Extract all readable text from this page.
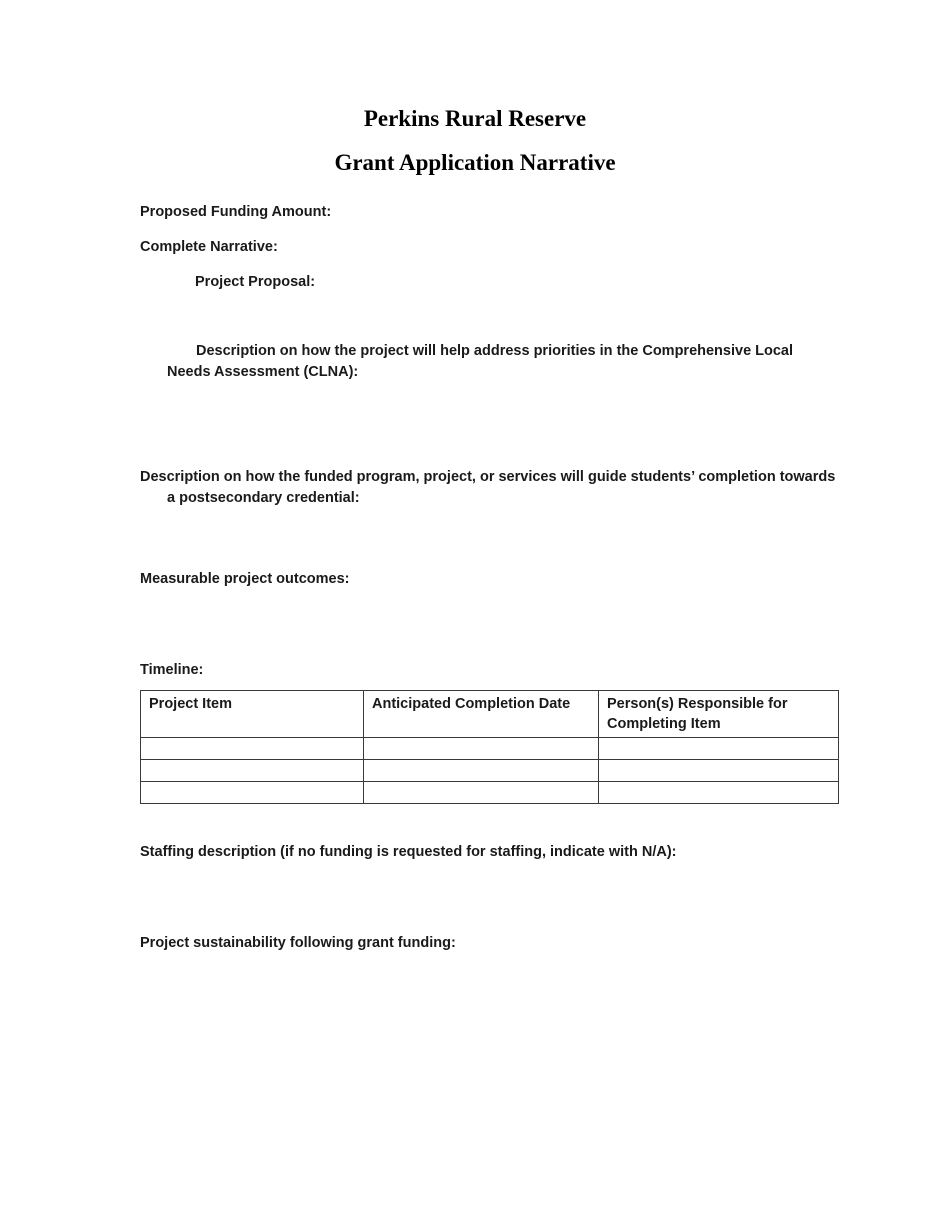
Perkins Rural Reserve
Grant Application Narrative
Proposed Funding Amount:
Complete Narrative:
Project Proposal:
Description on how the project will help address priorities in the Comprehensive Local Needs Assessment (CLNA):
Description on how the funded program, project, or services will guide students’ completion towards a postsecondary credential:
Measurable project outcomes:
Timeline:
Project Item	Anticipated Completion Date	Person(s) Responsible for Completing Item

Staffing description (if no funding is requested for staffing, indicate with N/A):
Project sustainability following grant funding:
